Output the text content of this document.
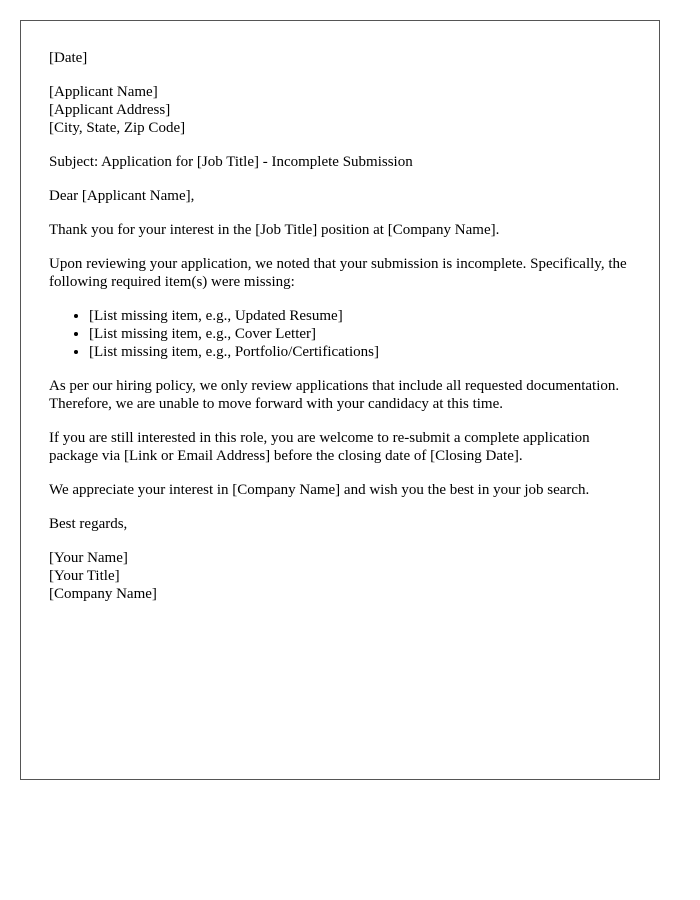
[Date]
[Applicant Name]
[Applicant Address]
[City, State, Zip Code]
Subject: Application for [Job Title] - Incomplete Submission
Dear [Applicant Name],

Thank you for your interest in the [Job Title] position at [Company Name].

Upon reviewing your application, we noted that your submission is incomplete. Specifically, the following required item(s) were missing:

• [List missing item, e.g., Updated Resume]
• [List missing item, e.g., Cover Letter]
• [List missing item, e.g., Portfolio/Certifications]

As per our hiring policy, we only review applications that include all requested documentation. Therefore, we are unable to move forward with your candidacy at this time.

If you are still interested in this role, you are welcome to re-submit a complete application package via [Link or Email Address] before the closing date of [Closing Date].

We appreciate your interest in [Company Name] and wish you the best in your job search.

Best regards,
[Your Name]
[Your Title]
[Company Name]
